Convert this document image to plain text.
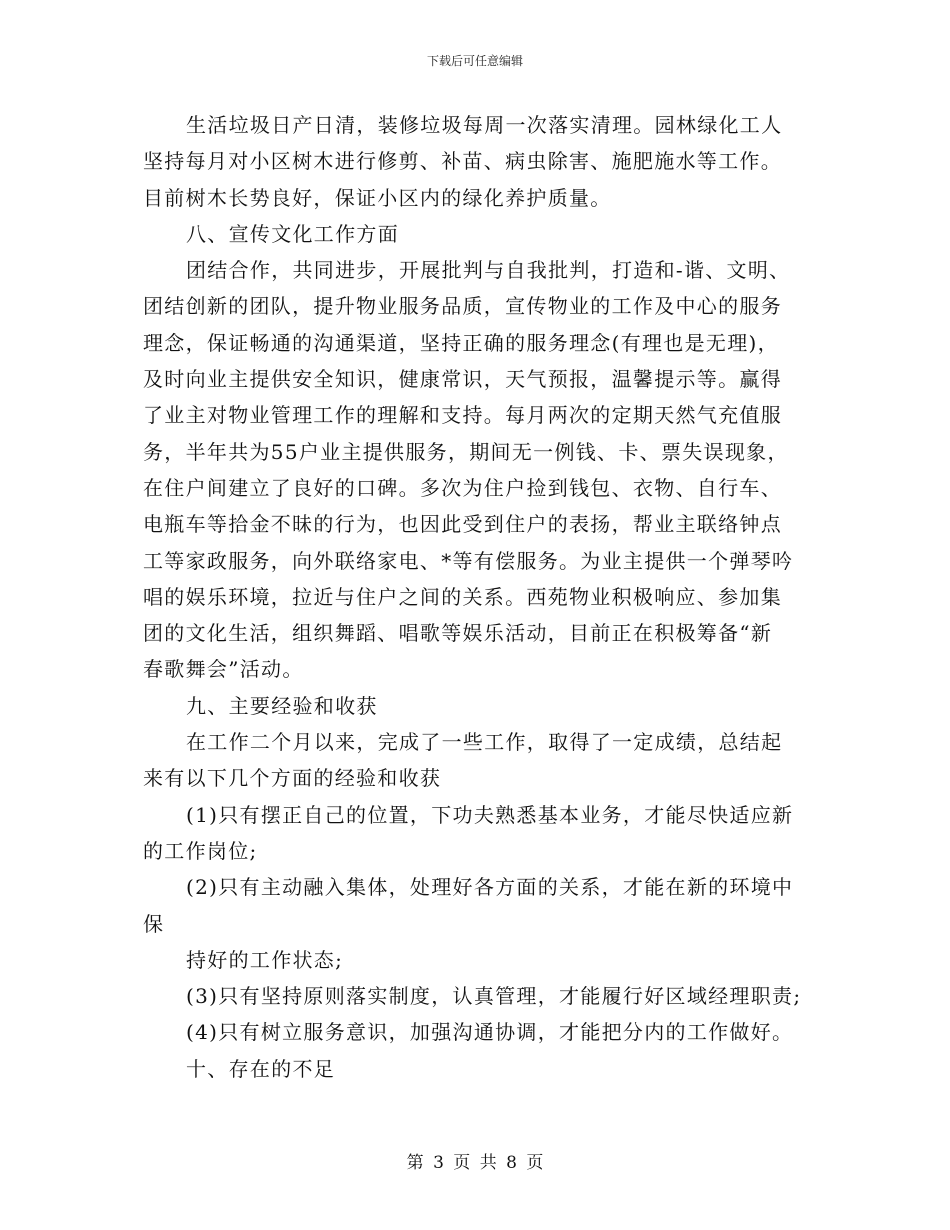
下载后可任意编辑
生活垃圾日产日清，装修垃圾每周一次落实清理。园林绿化工人
坚持每月对小区树木进行修剪、补苗、病虫除害、施肥施水等工作。
目前树木长势良好，保证小区内的绿化养护质量。
八、宣传文化工作方面
团结合作，共同进步，开展批判与自我批判，打造和-谐、文明、
团结创新的团队，提升物业服务品质，宣传物业的工作及中心的服务
理念，保证畅通的沟通渠道，坚持正确的服务理念(有理也是无理)，
及时向业主提供安全知识，健康常识，天气预报，温馨提示等。赢得
了业主对物业管理工作的理解和支持。每月两次的定期天然气充值服
务，半年共为55户业主提供服务，期间无一例钱、卡、票失误现象，
在住户间建立了良好的口碑。多次为住户捡到钱包、衣物、自行车、
电瓶车等拾金不昧的行为，也因此受到住户的表扬，帮业主联络钟点
工等家政服务，向外联络家电、*等有偿服务。为业主提供一个弹琴吟
唱的娱乐环境，拉近与住户之间的关系。西苑物业积极响应、参加集
团的文化生活，组织舞蹈、唱歌等娱乐活动，目前正在积极筹备“新
春歌舞会”活动。
九、主要经验和收获
在工作二个月以来，完成了一些工作，取得了一定成绩，总结起
来有以下几个方面的经验和收获
(1)只有摆正自己的位置，下功夫熟悉基本业务，才能尽快适应新
的工作岗位;
(2)只有主动融入集体，处理好各方面的关系，才能在新的环境中
保
持好的工作状态;
(3)只有坚持原则落实制度，认真管理，才能履行好区域经理职责;
(4)只有树立服务意识，加强沟通协调，才能把分内的工作做好。
十、存在的不足
第 3 页 共 8 页
